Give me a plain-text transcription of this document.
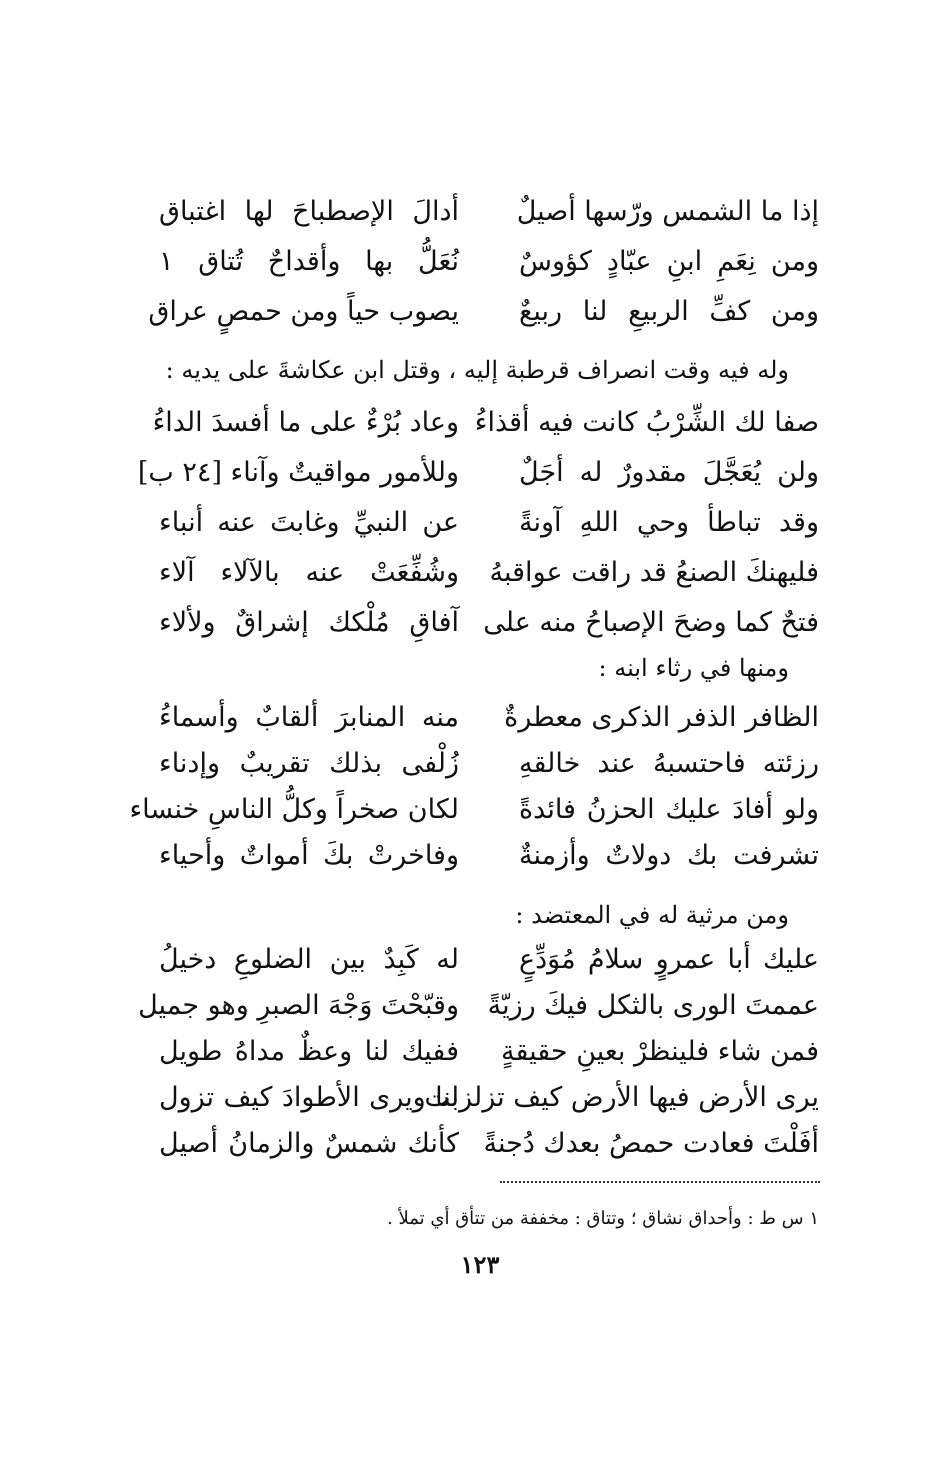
إذا ما الشمس ورّسها أصيلٌ
أدالَ الإصطباحَ لها اغتباق
ومن نِعَمِ ابنِ عبّادٍ كؤوسٌ
نُعَلُّ بها وأقداحٌ تُتاق ١
ومن كفِّ الربيعِ لنا ربيعٌ
يصوب حياً ومن حمصٍ عراق
وله فيه وقت انصراف قرطبة إليه ، وقتل ابن عكاشةَ على يديه :
صفا لك الشِّرْبُ كانت فيه أقذاءُ
وعاد بُرْءٌ على ما أفسدَ الداءُ
ولن يُعَجَّلَ مقدورٌ له أجَلٌ
وللأمور مواقيتٌ وآناء [٢٤ ب]
وقد تباطأ وحي اللهِ آونةً
عن النبيِّ وغابتَ عنه أنباء
فليهنكَ الصنعُ قد راقت عواقبهُ
وشُفِّعَتْ عنه بالآلاء آلاء
فتحٌ كما وضحَ الإصباحُ منه على
آفاقِ مُلْكك إشراقٌ ولألاء
ومنها في رثاء ابنه :
الظافر الذفر الذكرى معطرةٌ
منه المنابرَ ألقابٌ وأسماءُ
رزئته فاحتسبهُ عند خالقهِ
زُلْفى بذلك تقريبٌ وإدناء
ولو أفادَ عليك الحزنُ فائدةً
لكان صخراً وكلُّ الناسِ خنساء
تشرفت بك دولاتٌ وأزمنةٌ
وفاخرتْ بكَ أمواتٌ وأحياء
ومن مرثية له في المعتضد :
عليك أبا عمروٍ سلامُ مُوَدِّعٍ
له كَبِدٌ بين الضلوعِ دخيلُ
عممتَ الورى بالثكل فيكَ رزيّةً
وقبّحْتَ وَجْهَ الصبرِ وهو جميل
فمن شاء فلينظرْ بعينِ حقيقةٍ
ففيك لنا وعظٌ مداهُ طويل
يرى الأرض فيها الأرض كيف تزلزلت
بنا ويرى الأطوادَ كيف تزول
أفَلْتَ فعادت حمصُ بعدك دُجنةً
كأنك شمسٌ والزمانُ أصيل
١ س ط : وأحداق نشاق ؛ وتتاق : مخففة من تتأق أي تملأ .
١٢٣
